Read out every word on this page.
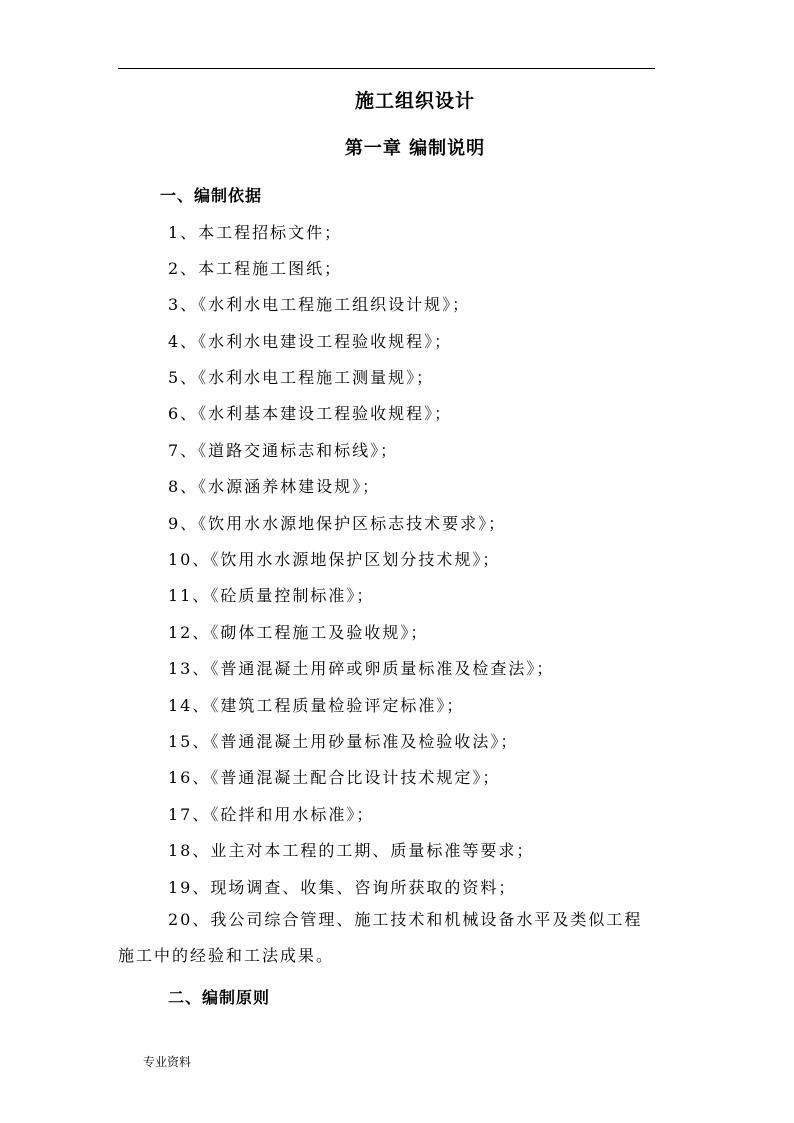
施工组织设计
第一章 编制说明
一、编制依据
1、本工程招标文件；
2、本工程施工图纸；
3、《水利水电工程施工组织设计规》；
4、《水利水电建设工程验收规程》；
5、《水利水电工程施工测量规》；
6、《水利基本建设工程验收规程》；
7、《道路交通标志和标线》；
8、《水源涵养林建设规》；
9、《饮用水水源地保护区标志技术要求》；
10、《饮用水水源地保护区划分技术规》；
11、《砼质量控制标准》；
12、《砌体工程施工及验收规》；
13、《普通混凝土用碎或卵质量标准及检查法》；
14、《建筑工程质量检验评定标准》；
15、《普通混凝土用砂量标准及检验收法》；
16、《普通混凝土配合比设计技术规定》；
17、《砼拌和用水标准》；
18、业主对本工程的工期、质量标准等要求；
19、现场调查、收集、咨询所获取的资料；
20、我公司综合管理、施工技术和机械设备水平及类似工程施工中的经验和工法成果。
二、编制原则
专业资料
